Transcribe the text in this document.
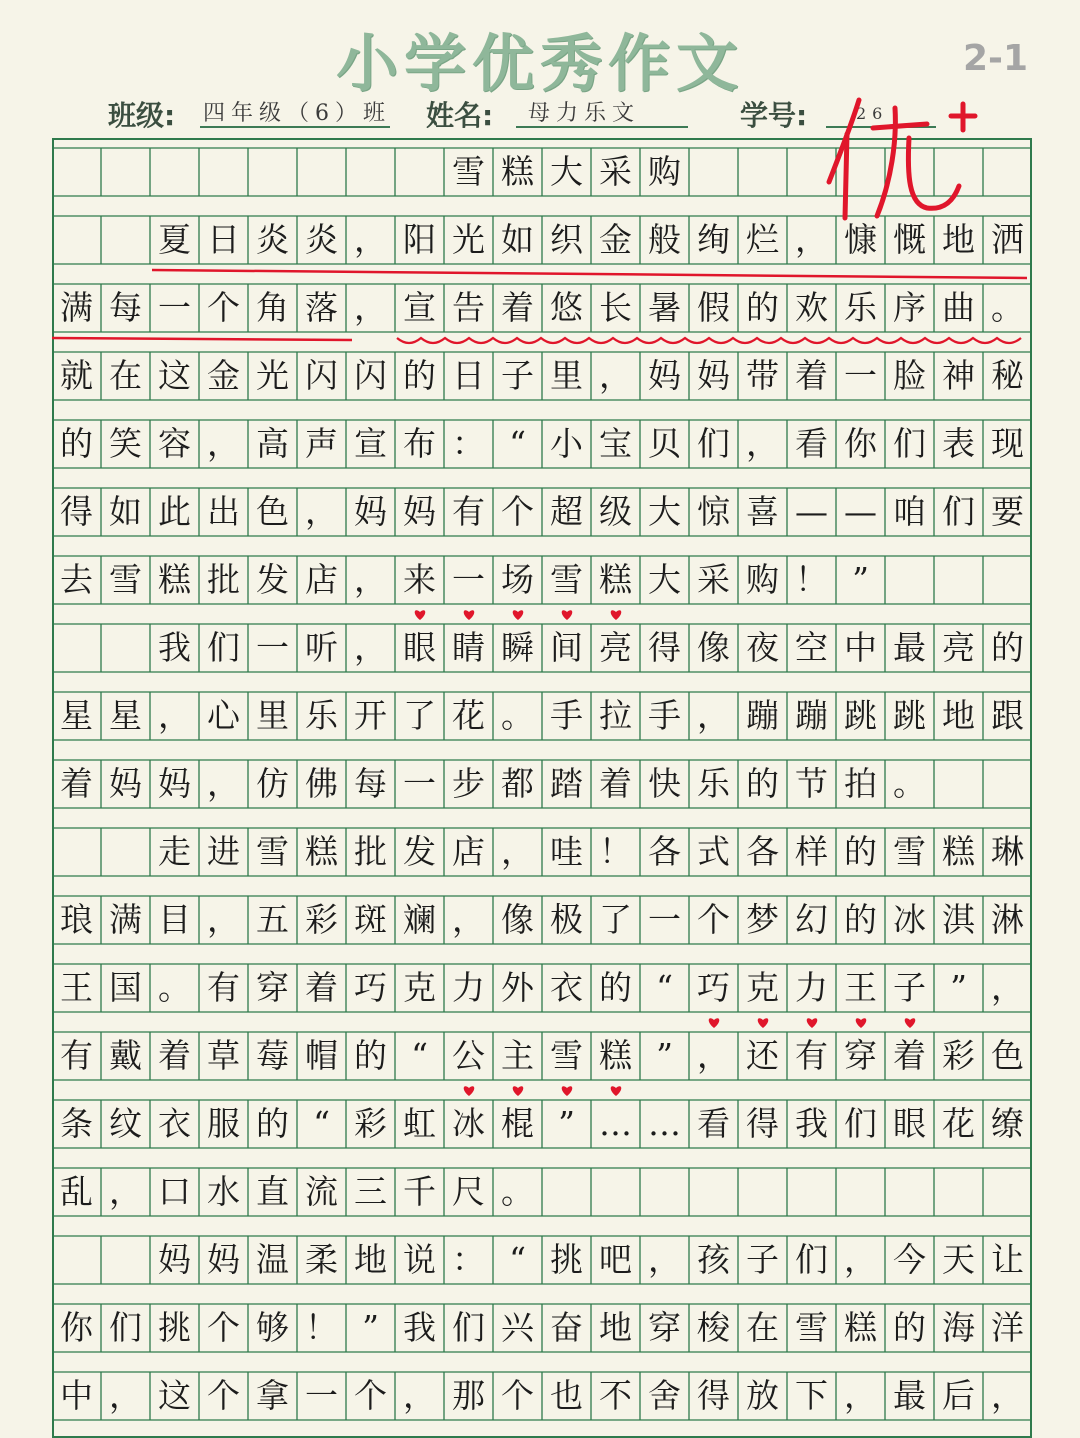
小学优秀作文	2-1
班级: 四年级（6）班 姓名: 母力乐文	学号:	26
雪 糕 大 采 购
夏 日 炎 炎 ， 阳 光 如 织 金 般 绚 烂 ， 慷 慨 地 洒
满 每 一 个 角 落 ， 宣 告 着 悠 长 暑 假 的 欢 乐 序 曲 。
就 在 这 金 光 闪 闪 的 日 子 里 ， 妈 妈 带 着 一 脸 神 秘
的 笑 容 ， 高 声 宣 布 ： “ 小 宝 贝 们 ， 看 你 们 表 现
得 如 此 出 色 ， 妈 妈 有 个 超 级 大 惊 喜 — — 咱 们 要
去 雪 糕 批 发 店 ， 来 一 场 雪 糕 大 采 购 ！ ”
我 们 一 听 ， 眼 睛 瞬 间 亮 得 像 夜 空 中 最 亮 的
星 星 ， 心 里 乐 开 了 花 。 手 拉 手 ， 蹦 蹦 跳 跳 地 跟
着 妈 妈 ， 仿 佛 每 一 步 都 踏 着 快 乐 的 节 拍 。
走 进 雪 糕 批 发 店 ， 哇 ！ 各 式 各 样 的 雪 糕 琳
琅 满 目 ， 五 彩 斑 斓 ， 像 极 了 一 个 梦 幻 的 冰 淇 淋
王 国 。 有 穿 着 巧 克 力 外 衣 的 “ 巧 克 力 王 子 ” ，
有 戴 着 草 莓 帽 的 “ 公 主 雪 糕 ” ， 还 有 穿 着 彩 色
条 纹 衣 服 的 “ 彩 虹 冰 棍 ” … … 看 得 我 们 眼 花 缭
乱 ， 口 水 直 流 三 千 尺 。
妈 妈 温 柔 地 说 ： “ 挑 吧 ， 孩 子 们 ， 今 天 让
你 们 挑 个 够 ！ ” 我 们 兴 奋 地 穿 梭 在 雪 糕 的 海 洋
中 ， 这 个 拿 一 个 ， 那 个 也 不 舍 得 放 下 ， 最 后 ，
